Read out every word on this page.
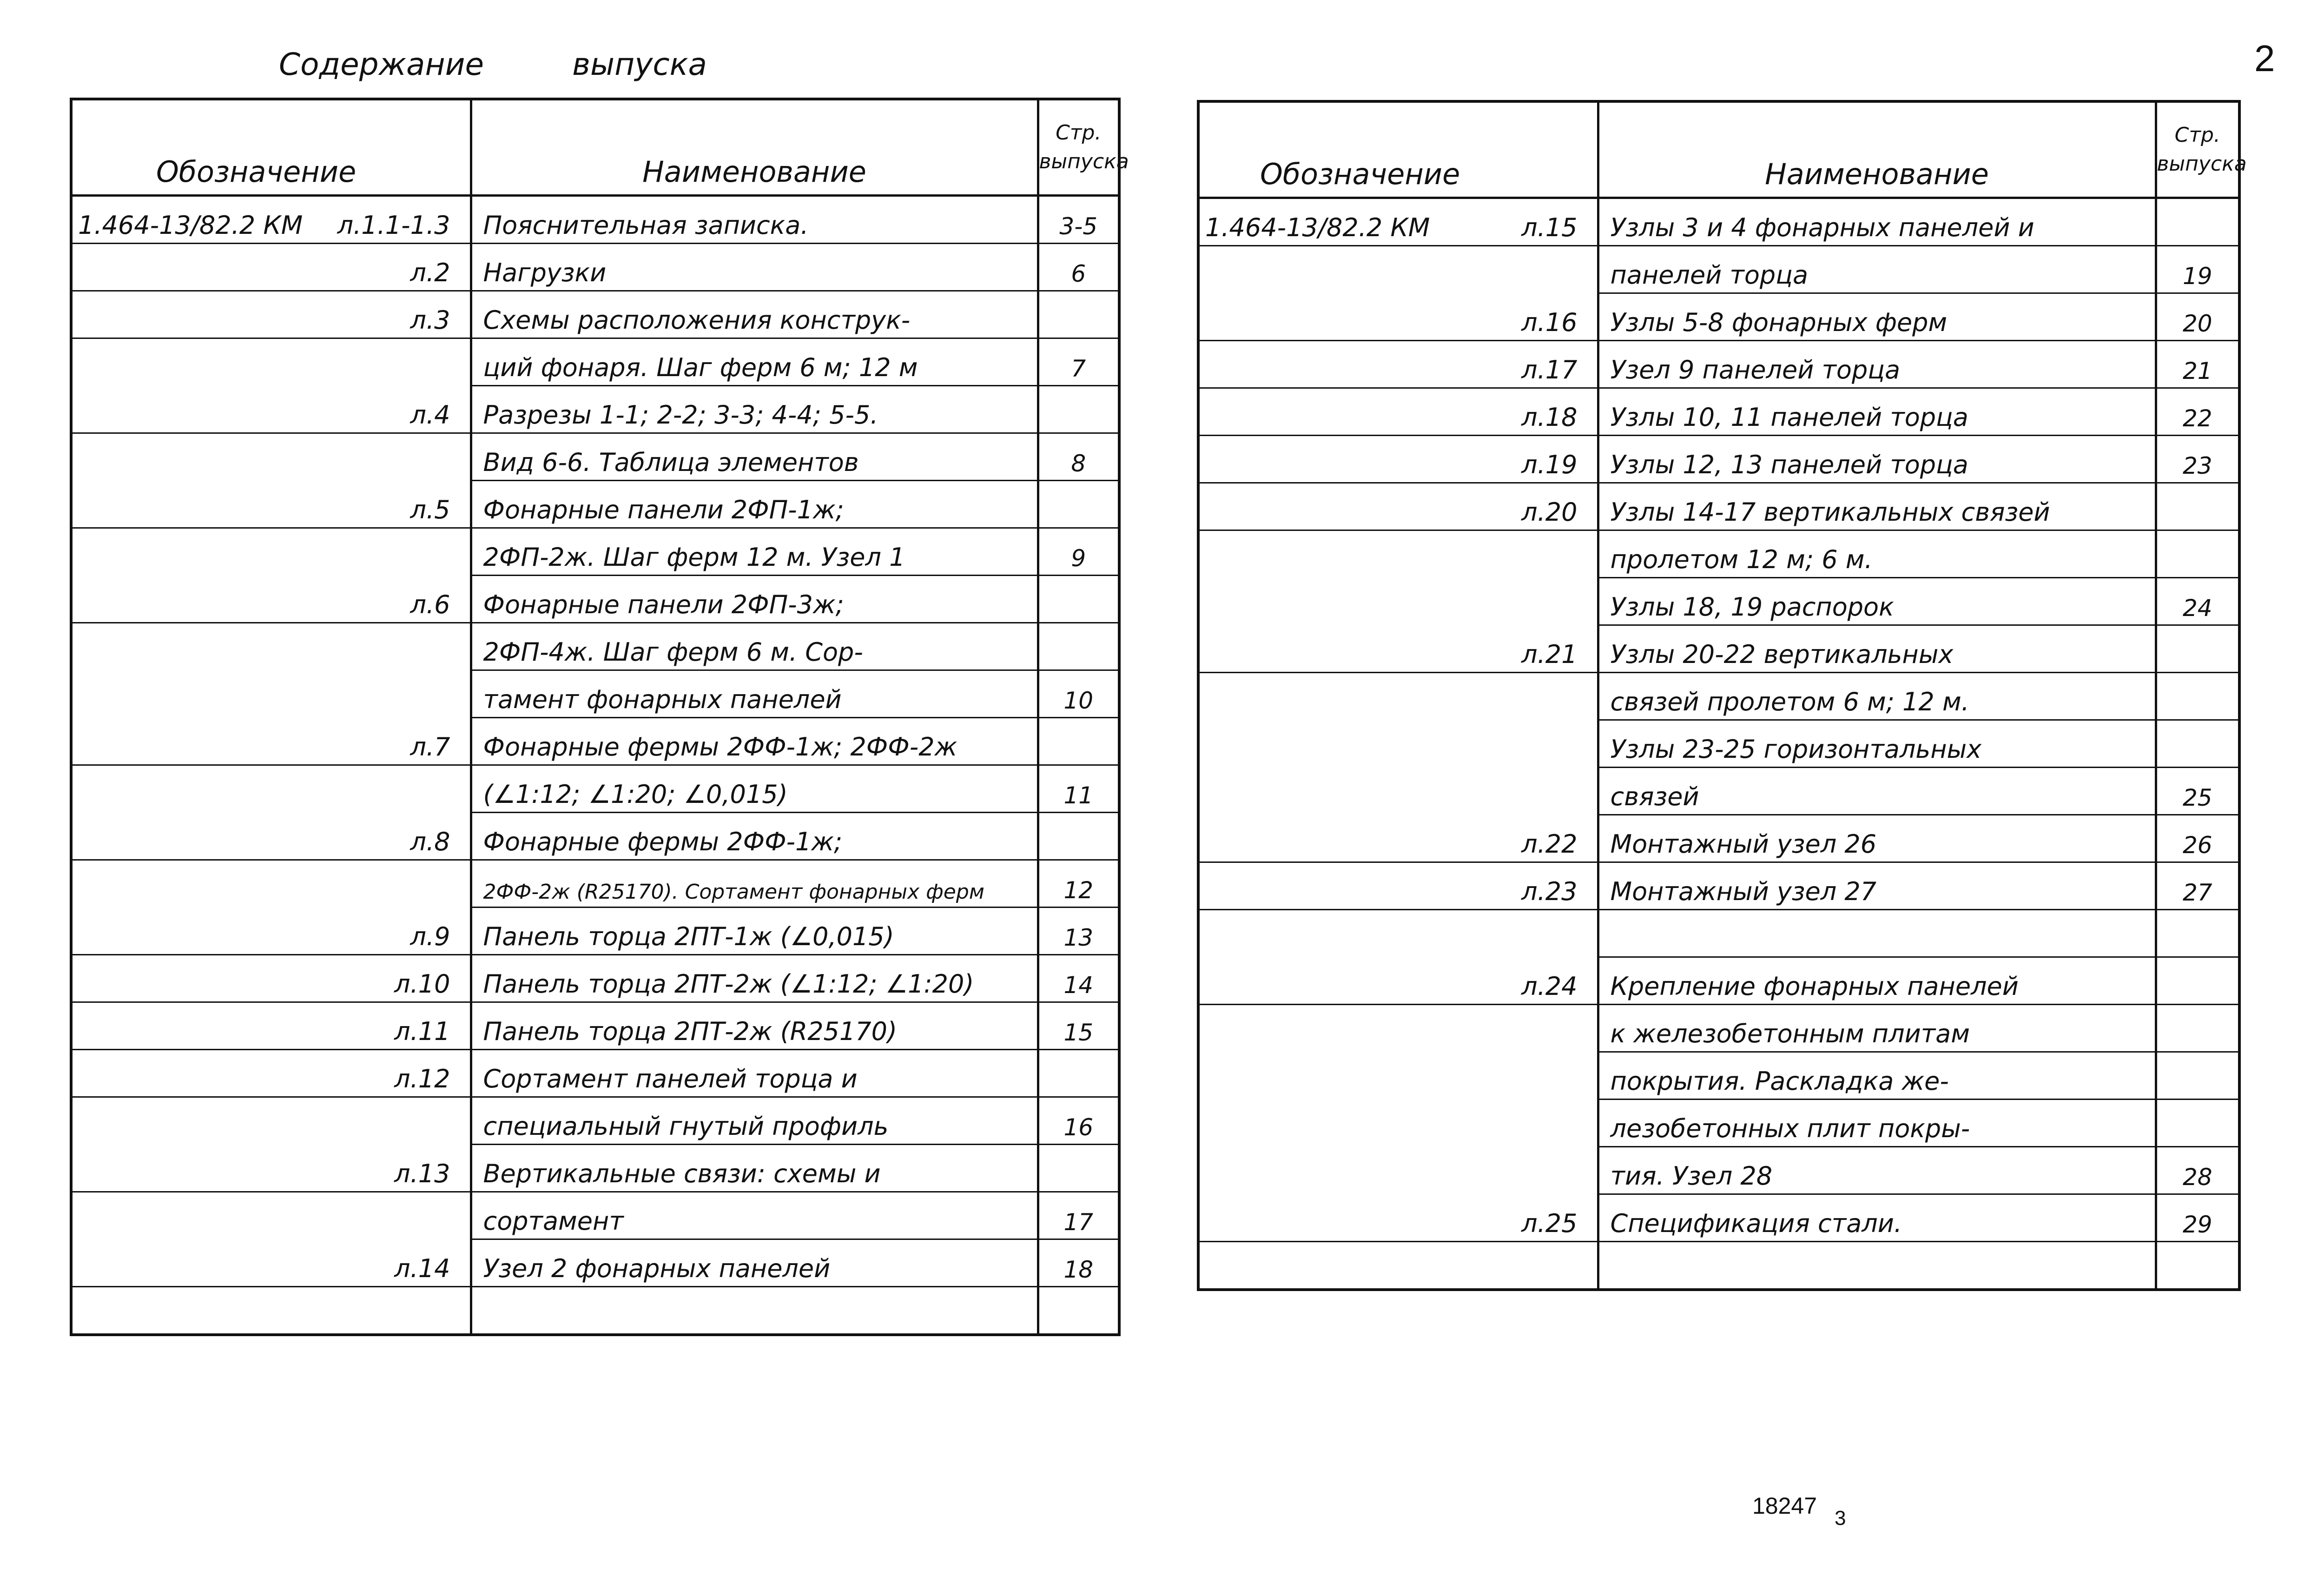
Содержание	выпуска	2
Обозначение	Наименование	Стр.
выпуска

1.464-13/82.2 КМ л.1.1-1.3	Пояснительная записка.	3-5

л.2	Нагрузки	6

л.3	Схемы расположения конструк-	

	ций фонаря. Шаг ферм 6 м; 12 м	7

л.4	Разрезы 1-1; 2-2; 3-3; 4-4; 5-5.	

	Вид 6-6. Таблица элементов	8

л.5	Фонарные панели 2ФП-1ж;	

	2ФП-2ж. Шаг ферм 12 м. Узел 1	9

л.6	Фонарные панели 2ФП-3ж;	

	2ФП-4ж. Шаг ферм 6 м. Сор-	

	тамент фонарных панелей	10

л.7	Фонарные фермы 2ФФ-1ж; 2ФФ-2ж	

	(∠1:12; ∠1:20; ∠0,015)	11

л.8	Фонарные фермы 2ФФ-1ж;	

	2ФФ-2ж (R25170). Сортамент фонарных ферм	12

л.9	Панель торца 2ПТ-1ж (∠0,015)	13

л.10	Панель торца 2ПТ-2ж (∠1:12; ∠1:20)	14

л.11	Панель торца 2ПТ-2ж (R25170)	15

л.12	Сортамент панелей торца и	

	специальный гнутый профиль	16

л.13	Вертикальные связи: схемы и	

	сортамент	17

л.14	Узел 2 фонарных панелей	18

Обозначение	Наименование	Стр.
выпуска

1.464-13/82.2 КМ л.15	Узлы 3 и 4 фонарных панелей и	

	панелей торца	19

л.16	Узлы 5-8 фонарных ферм	20

л.17	Узел 9 панелей торца	21

л.18	Узлы 10, 11 панелей торца	22

л.19	Узлы 12, 13 панелей торца	23

л.20	Узлы 14-17 вертикальных связей	

	пролетом 12 м; 6 м.	

	Узлы 18, 19 распорок	24

л.21	Узлы 20-22 вертикальных	

	связей пролетом 6 м; 12 м.	

	Узлы 23-25 горизонтальных	

	связей	25

л.22	Монтажный узел 26	26

л.23	Монтажный узел 27	27

л.24	Крепление фонарных панелей	

	к железобетонным плитам	

	покрытия. Раскладка же-	

	лезобетонных плит покры-	

	тия. Узел 28	28

л.25	Спецификация стали.	29

18247 3
